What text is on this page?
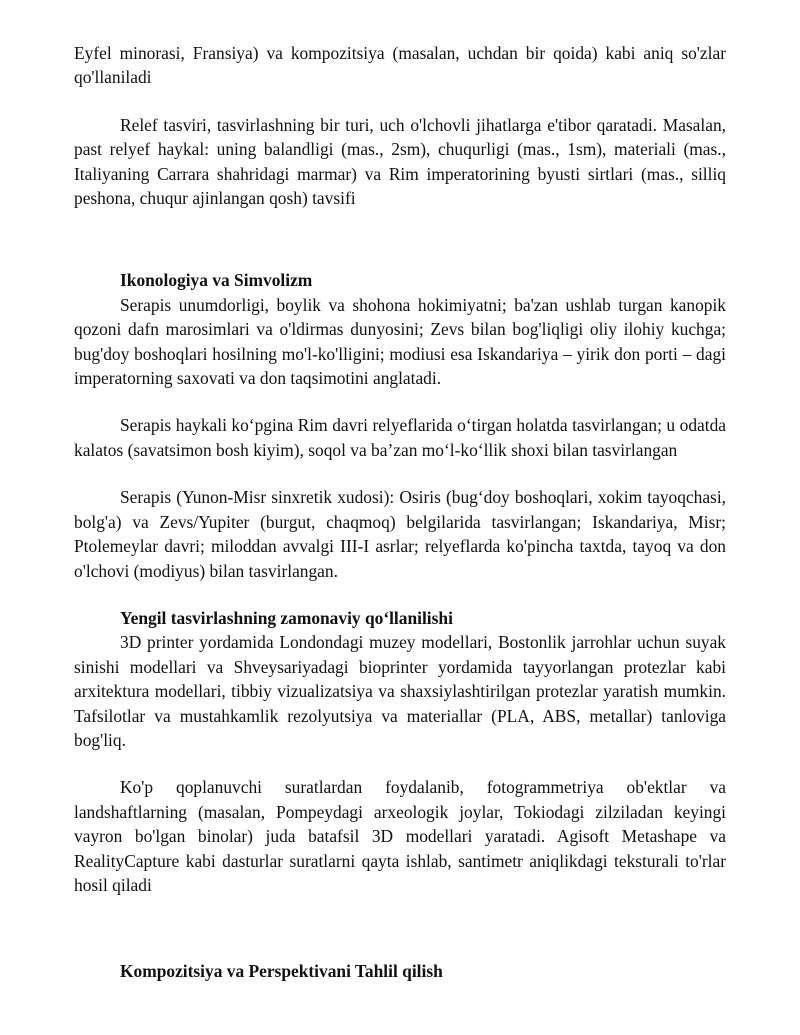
Eyfel minorasi, Fransiya) va kompozitsiya (masalan, uchdan bir qoida) kabi aniq so'zlar qo'llaniladi

Relef tasviri, tasvirlashning bir turi, uch o'lchovli jihatlarga e'tibor qaratadi. Masalan, past relyef haykal: uning balandligi (mas., 2sm), chuqurligi (mas., 1sm), materiali (mas., Italiyaning Carrara shahridagi marmar) va Rim imperatorining byusti sirtlari (mas., silliq peshona, chuqur ajinlangan qosh) tavsifi

Ikonologiya va Simvolizm

Serapis unumdorligi, boylik va shohona hokimiyatni; ba'zan ushlab turgan kanopik qozoni dafn marosimlari va o'ldirmas dunyosini; Zevs bilan bog'liqligi oliy ilohiy kuchga; bug'doy boshoqlari hosilning mo'l-ko'lligini; modiusi esa Iskandariya – yirik don porti – dagi imperatorning saxovati va don taqsimotini anglatadi.

Serapis haykali ko‘pgina Rim davri relyeflarida o‘tirgan holatda tasvirlangan; u odatda kalatos (savatsimon bosh kiyim), soqol va ba’zan mo‘l-ko‘llik shoxi bilan tasvirlangan

Serapis (Yunon-Misr sinxretik xudosi): Osiris (bug‘doy boshoqlari, xokim tayoqchasi, bolg'a) va Zevs/Yupiter (burgut, chaqmoq) belgilarida tasvirlangan; Iskandariya, Misr; Ptolemeylar davri; miloddan avvalgi III-I asrlar; relyeflarda ko'pincha taxtda, tayoq va don o'lchovi (modiyus) bilan tasvirlangan.

Yengil tasvirlashning zamonaviy qo‘llanilishi

3D printer yordamida Londondagi muzey modellari, Bostonlik jarrohlar uchun suyak sinishi modellari va Shveysariyadagi bioprinter yordamida tayyorlangan protezlar kabi arxitektura modellari, tibbiy vizualizatsiya va shaxsiylashtirilgan protezlar yaratish mumkin. Tafsilotlar va mustahkamlik rezolyutsiya va materiallar (PLA, ABS, metallar) tanloviga bog'liq.

Ko'p qoplanuvchi suratlardan foydalanib, fotogrammetriya ob'ektlar va landshaftlarning (masalan, Pompeydagi arxeologik joylar, Tokiodagi zilziladan keyingi vayron bo'lgan binolar) juda batafsil 3D modellari yaratadi. Agisoft Metashape va RealityCapture kabi dasturlar suratlarni qayta ishlab, santimetr aniqlikdagi teksturali to'rlar hosil qiladi

Kompozitsiya va Perspektivani Tahlil qilish
